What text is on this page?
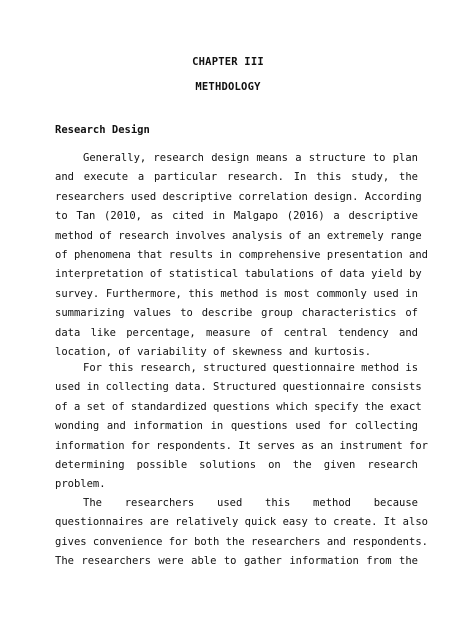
CHAPTER III
METHDOLOGY
Research Design
Generally, research design means a structure to plan
and execute a particular research. In this study, the
researchers used descriptive correlation design. According
to Tan (2010, as cited in Malgapo (2016) a descriptive
method of research involves analysis of an extremely range
of phenomena that results in comprehensive presentation and
interpretation of statistical tabulations of data yield by
survey. Furthermore, this method is most commonly used in
summarizing values to describe group characteristics of
data like percentage, measure of central tendency and
location, of variability of skewness and kurtosis.
For this research, structured questionnaire method is
used in collecting data. Structured questionnaire consists
of a set of standardized questions which specify the exact
wonding and information in questions used for collecting
information for respondents. It serves as an instrument for
determining possible solutions on the given research
problem.
The researchers used this method because
questionnaires are relatively quick easy to create. It also
gives convenience for both the researchers and respondents.
The researchers were able to gather information from the
